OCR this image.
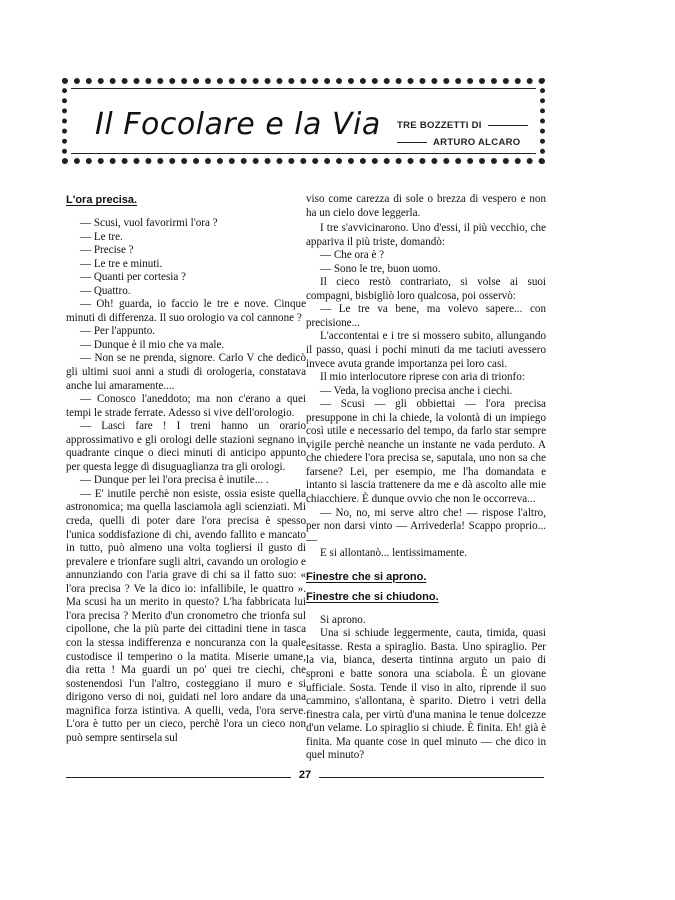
Il Focolare e la Via TRE BOZZETTI DI
ARTURO ALCARO

L'ora precisa.

— Scusi, vuol favorirmi l'ora ?

— Le tre.

— Precise ?

— Le tre e minuti.

— Quanti per cortesia ?

— Quattro.

— Oh! guarda, io faccio le tre e nove. Cinque minuti di differenza. Il suo orologio va col cannone ?

— Per l'appunto.

— Dunque è il mio che va male.

— Non se ne prenda, signore. Carlo V che dedicò gli ultimi suoi anni a studi di orologeria, constatava anche lui amaramente....

— Conosco l'aneddoto; ma non c'erano a quei tempi le strade ferrate. Adesso si vive dell'orologio.

— Lasci fare ! I treni hanno un orario approssimativo e gli orologi delle stazioni segnano in quadrante cinque o dieci minuti di anticipo appunto per questa legge di disuguaglianza tra gli orologi.

— Dunque per lei l'ora precisa è inutile... .

— E' inutile perchè non esiste, ossia esiste quella astronomica; ma quella lasciamola agli scienziati. Mi creda, quelli di poter dare l'ora precisa è spesso l'unica soddisfazione di chi, avendo fallito e mancato in tutto, può almeno una volta togliersi il gusto di prevalere e trionfare sugli altri, cavando un orologio e annunziando con l'aria grave di chi sa il fatto suo: « l'ora precisa ? Ve la dico io: infallibile, le quattro ». Ma scusi ha un merito in questo? L'ha fabbricata lui l'ora precisa ? Merito d'un cronometro che trionfa sul cipollone, che la più parte dei cittadini tiene in tasca con la stessa indifferenza e noncuranza con la quale custodisce il temperino o la matita. Miserie umane, dia retta ! Ma guardi un po' quei tre ciechi, che sostenendosi l'un l'altro, costeggiano il muro e si dirigono verso di noi, guidati nel loro andare da una magnifica forza istintiva. A quelli, veda, l'ora serve. L'ora è tutto per un cieco, perchè l'ora un cieco non può sempre sentirsela sul

viso come carezza di sole o brezza di vespero e non ha un cielo dove leggerla.

I tre s'avvicinarono. Uno d'essi, il più vecchio, che appariva il più triste, domandò:

— Che ora è ?

— Sono le tre, buon uomo.

Il cieco restò contrariato, si volse ai suoi compagni, bisbigliò loro qualcosa, poi osservò:

— Le tre va bene, ma volevo sapere... con precisione...

L'accontentai e i tre si mossero subito, allungando il passo, quasi i pochi minuti da me taciuti avessero invece avuta grande importanza pei loro casi.

Il mio interlocutore riprese con aria di trionfo:

— Veda, la vogliono precisa anche i ciechi.

— Scusi — gli obbiettai — l'ora precisa presuppone in chi la chiede, la volontà di un impiego così utile e necessario del tempo, da farlo star sempre vigile perchè neanche un instante ne vada perduto. A che chiedere l'ora precisa se, saputala, uno non sa che farsene? Lei, per esempio, me l'ha domandata e intanto si lascia trattenere da me e dà ascolto alle mie chiacchiere. È dunque ovvio che non le occorreva...

— No, no, mi serve altro che! — rispose l'altro, per non darsi vinto — Arrivederla! Scappo proprio... —

E si allontanò... lentissimamente.

Finestre che si aprono.

Finestre che si chiudono.

Si aprono.

Una si schiude leggermente, cauta, timida, quasi esitasse. Resta a spiraglio. Basta. Uno spiraglio. Per la via, bianca, deserta tintinna arguto un paio di sproni e batte sonora una sciabola. È un giovane ufficiale. Sosta. Tende il viso in alto, riprende il suo cammino, s'allontana, è sparito. Dietro i vetri della finestra cala, per virtù d'una manina le tenue dolcezze d'un velame. Lo spiraglio si chiude. È finita. Eh! già è finita. Ma quante cose in quel minuto — che dico in quel minuto?

27
